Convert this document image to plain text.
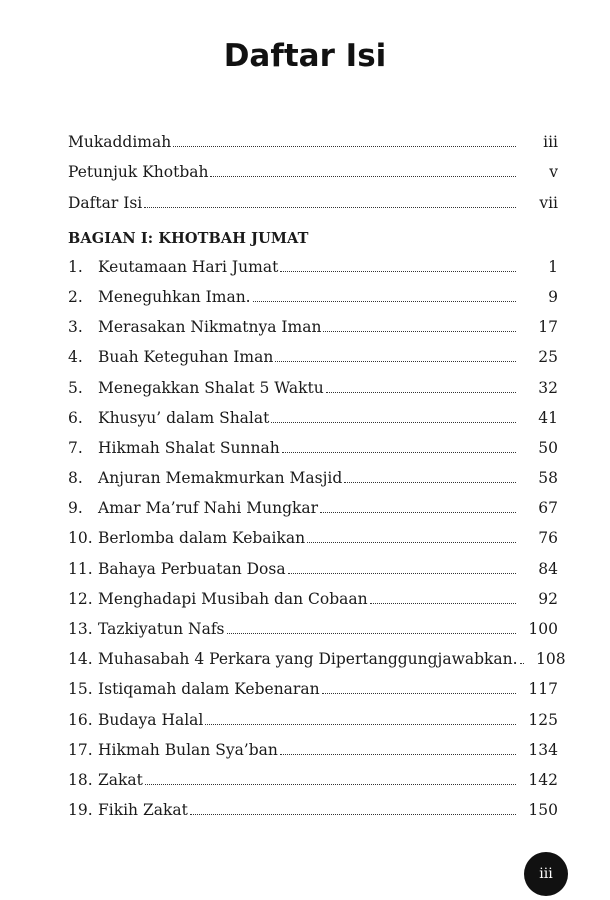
Daftar Isi
Mukaddimah	iii
Petunjuk Khotbah	v
Daftar Isi	vii
BAGIAN I: KHOTBAH JUMAT
1. Keutamaan Hari Jumat	1
2. Meneguhkan Iman.	9
3. Merasakan Nikmatnya Iman	17
4. Buah Keteguhan Iman	25
5. Menegakkan Shalat 5 Waktu	32
6. Khusyu’ dalam Shalat	41
7. Hikmah Shalat Sunnah	50
8. Anjuran Memakmurkan Masjid	58
9. Amar Ma’ruf Nahi Mungkar	67
10. Berlomba dalam Kebaikan	76
11. Bahaya Perbuatan Dosa	84
12. Menghadapi Musibah dan Cobaan	92
13. Tazkiyatun Nafs	100
14. Muhasabah 4 Perkara yang Dipertanggungjawabkan.	108
15. Istiqamah dalam Kebenaran	117
16. Budaya Halal	125
17. Hikmah Bulan Sya’ban	134
18. Zakat	142
19. Fikih Zakat	150
iii
